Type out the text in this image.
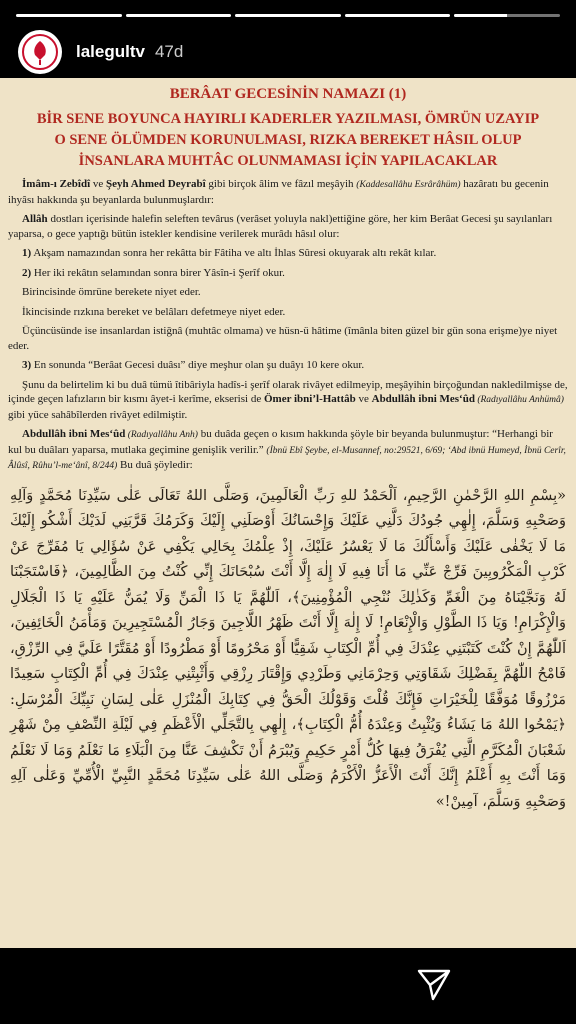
lalegultv 47d
BERÂAT GECESİNİN NAMAZI (1)
BİR SENE BOYUNCA HAYIRLI KADERLER YAZILMASI, ÖMRÜN UZAYIP
O SENE ÖLÜMDEN KORUNULMASI, RIZKA BEREKET HÂSIL OLUP
İNSANLARA MUHTÂC OLUNMAMASI İÇİN YAPILACAKLAR
İmâm-ı Zebîdî ve Şeyh Ahmed Deyrabî gibi birçok âlim ve fâzıl meşâyih (Kaddesallâhu Esrârâhüm) hazâratı bu gecenin ihyâsı hakkında şu beyanlarda bulunmuşlardır:
Allâh dostları içerisinde halefin seleften tevârus (verâset yoluyla nakl)ettiğine göre, her kim Berâat Gecesi şu sayılanları yaparsa, o gece yaptığı bütün istekler kendisine verilerek murâdı hâsıl olur:
1) Akşam namazından sonra her rekâtta bir Fâtiha ve altı İhlas Sûresi okuyarak altı rekât kılar.
2) Her iki rekâtın selamından sonra birer Yâsîn-i Şerîf okur.
Birincisinde ömrüne berekete niyet eder.
İkincisinde rızkına bereket ve belâları defetmeye niyet eder.
Üçüncüsünde ise insanlardan istiğnâ (muhtâc olmama) ve hüsn-ü hâtime (îmânla biten güzel bir gün sona erişme)ye niyet eder.
3) En sonunda “Berâat Gecesi duâsı” diye meşhur olan şu duâyı 10 kere okur.
Şunu da belirtelim ki bu duâ tümü îtibâriyla hadîs-i şerîf olarak rivâyet edilmeyip, meşâyihin birçoğundan nakledilmişse de, içinde geçen lafızların bir kısmı âyet-i kerîme, ekserisi de Ömer ibni’l-Hattâb ve Abdullâh ibni Mes‘ûd (Radıyallâhu Anhümâ) gibi yüce sahâbîlerden rivâyet edilmiştir.
Abdullâh ibni Mes‘ûd (Radıyallâhu Anh) bu duâda geçen o kısım hakkında şöyle bir beyanda bulunmuştur: “Herhangi bir kul bu duâları yaparsa, mutlaka geçimine genişlik verilir.” (İbnü Ebî Şeybe, el-Musannef, no:29521, 6/69; ‘Abd ibnü Humeyd, İbnü Cerîr, Âlûsî, Rûhu’l-me‘ânî, 8/244) Bu duâ şöyledir:
«بِسْمِ اللهِ الرَّحْمٰنِ الرَّحِيمِ، اَلْحَمْدُ للهِ رَبِّ الْعَالَمِينَ، وَصَلَّى اللهُ تَعَالَى عَلٰى سَيِّدِنَا مُحَمَّدٍ وَآلِهِ وَصَحْبِهِ وَسَلَّمَ، إِلٰهِي جُودُكَ دَلَّنِي عَلَيْكَ وَإِحْسَانُكَ أَوْصَلَنِي إِلَيْكَ وَكَرَمُكَ قَرَّبَنِي لَدَيْكَ أَشْكُو إِلَيْكَ مَا لَا يَخْفٰى عَلَيْكَ وَأَسْأَلُكَ مَا لَا يَعْسُرُ عَلَيْكَ، إِذْ عِلْمُكَ بِحَالِي يَكْفِي عَنْ سُؤَالِي يَا مُفَرِّجَ عَنْ كَرْبِ الْمَكْرُوبِينَ فَرِّجْ عَنِّي مَا أَنَا فِيهِ لَا إِلٰهَ إِلَّا أَنْتَ سُبْحَانَكَ إِنِّي كُنْتُ مِنَ الظَّالِمِينَ، ﴿فَاسْتَجَبْنَا لَهُ وَنَجَّيْنَاهُ مِنَ الْغَمِّ وَكَذٰلِكَ نُنْجِي الْمُؤْمِنِينَ﴾، اَللّٰهُمَّ يَا ذَا الْمَنِّ وَلَا يُمَنُّ عَلَيْهِ يَا ذَا الْجَلَالِ وَالْإِكْرَامِ! وَيَا ذَا الطَّوْلِ وَالْإِنْعَامِ! لَا إِلٰهَ إِلَّا أَنْتَ ظَهْرُ اللَّاجِينَ وَجَارُ الْمُسْتَجِيرِينَ وَمَأْمَنُ الْخَائِفِينَ، اَللّٰهُمَّ إِنْ كُنْتَ كَتَبْتَنِي عِنْدَكَ فِي أُمِّ الْكِتَابِ شَقِيًّا أَوْ مَحْرُومًا أَوْ مَطْرُودًا أَوْ مُقَتَّرًا عَلَيَّ فِي الرِّزْقِ، فَامْحُ اللّٰهُمَّ بِفَضْلِكَ شَقَاوَتِي وَحِرْمَانِي وَطَرْدِي وَإِقْتَارَ رِزْقِي وَأَثْبِتْنِي عِنْدَكَ فِي أُمِّ الْكِتَابِ سَعِيدًا مَرْزُوقًا مُوَفَّقًا لِلْخَيْرَاتِ فَإِنَّكَ قُلْتَ وَقَوْلُكَ الْحَقُّ فِي كِتَابِكَ الْمُنْزَلِ عَلٰى لِسَانِ نَبِيِّكَ الْمُرْسَلِ: ﴿يَمْحُوا اللهُ مَا يَشَاءُ وَيُثْبِتُ وَعِنْدَهُ أُمُّ الْكِتَابِ﴾، إِلٰهِي بِالتَّجَلِّي الْأَعْظَمِ فِي لَيْلَةِ النِّصْفِ مِنْ شَهْرِ شَعْبَانَ الْمُكَرَّمِ الَّتِي يُفْرَقُ فِيهَا كُلُّ أَمْرٍ حَكِيمٍ وَيُبْرَمُ أَنْ تَكْشِفَ عَنَّا مِنَ الْبَلَاءِ مَا نَعْلَمُ وَمَا لَا نَعْلَمُ وَمَا أَنْتَ بِهِ أَعْلَمُ إِنَّكَ أَنْتَ الْأَعَزُّ الْأَكْرَمُ وَصَلَّى اللهُ عَلٰى سَيِّدِنَا مُحَمَّدٍ النَّبِيِّ الْأُمِّيِّ وَعَلٰى آلِهِ وَصَحْبِهِ وَسَلَّمَ، آمِينْ!»
